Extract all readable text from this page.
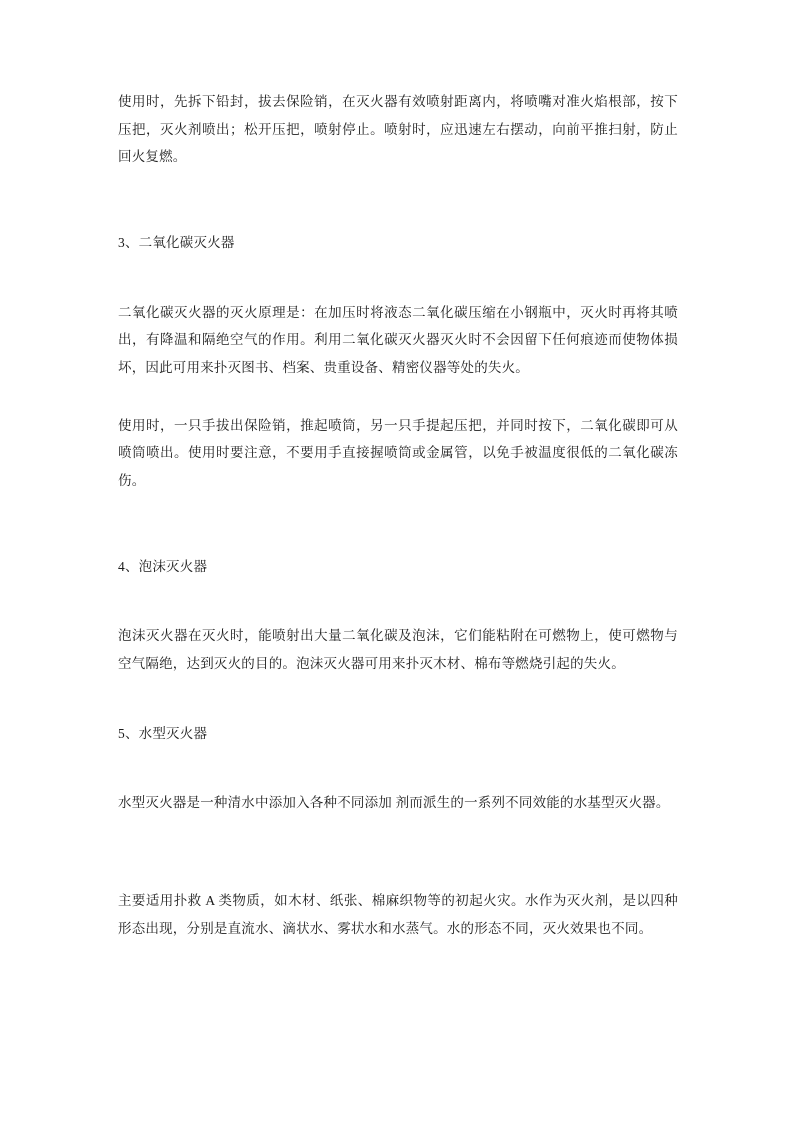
使用时，先拆下铅封，拔去保险销，在灭火器有效喷射距离内，将喷嘴对准火焰根部，按下压把，灭火剂喷出；松开压把，喷射停止。喷射时，应迅速左右摆动，向前平推扫射，防止回火复燃。

3、二氧化碳灭火器

二氧化碳灭火器的灭火原理是：在加压时将液态二氧化碳压缩在小钢瓶中，灭火时再将其喷出，有降温和隔绝空气的作用。利用二氧化碳灭火器灭火时不会因留下任何痕迹而使物体损坏，因此可用来扑灭图书、档案、贵重设备、精密仪器等处的失火。

使用时，一只手拔出保险销，推起喷筒，另一只手提起压把，并同时按下，二氧化碳即可从喷筒喷出。使用时要注意，不要用手直接握喷筒或金属管，以免手被温度很低的二氧化碳冻伤。

4、泡沫灭火器

泡沫灭火器在灭火时，能喷射出大量二氧化碳及泡沫，它们能粘附在可燃物上，使可燃物与空气隔绝，达到灭火的目的。泡沫灭火器可用来扑灭木材、棉布等燃烧引起的失火。

5、水型灭火器

水型灭火器是一种清水中添加入各种不同添加 剂而派生的一系列不同效能的水基型灭火器。

主要适用扑救 A 类物质，如木材、纸张、棉麻织物等的初起火灾。水作为灭火剂，是以四种形态出现，分别是直流水、滴状水、雾状水和水蒸气。水的形态不同，灭火效果也不同。
